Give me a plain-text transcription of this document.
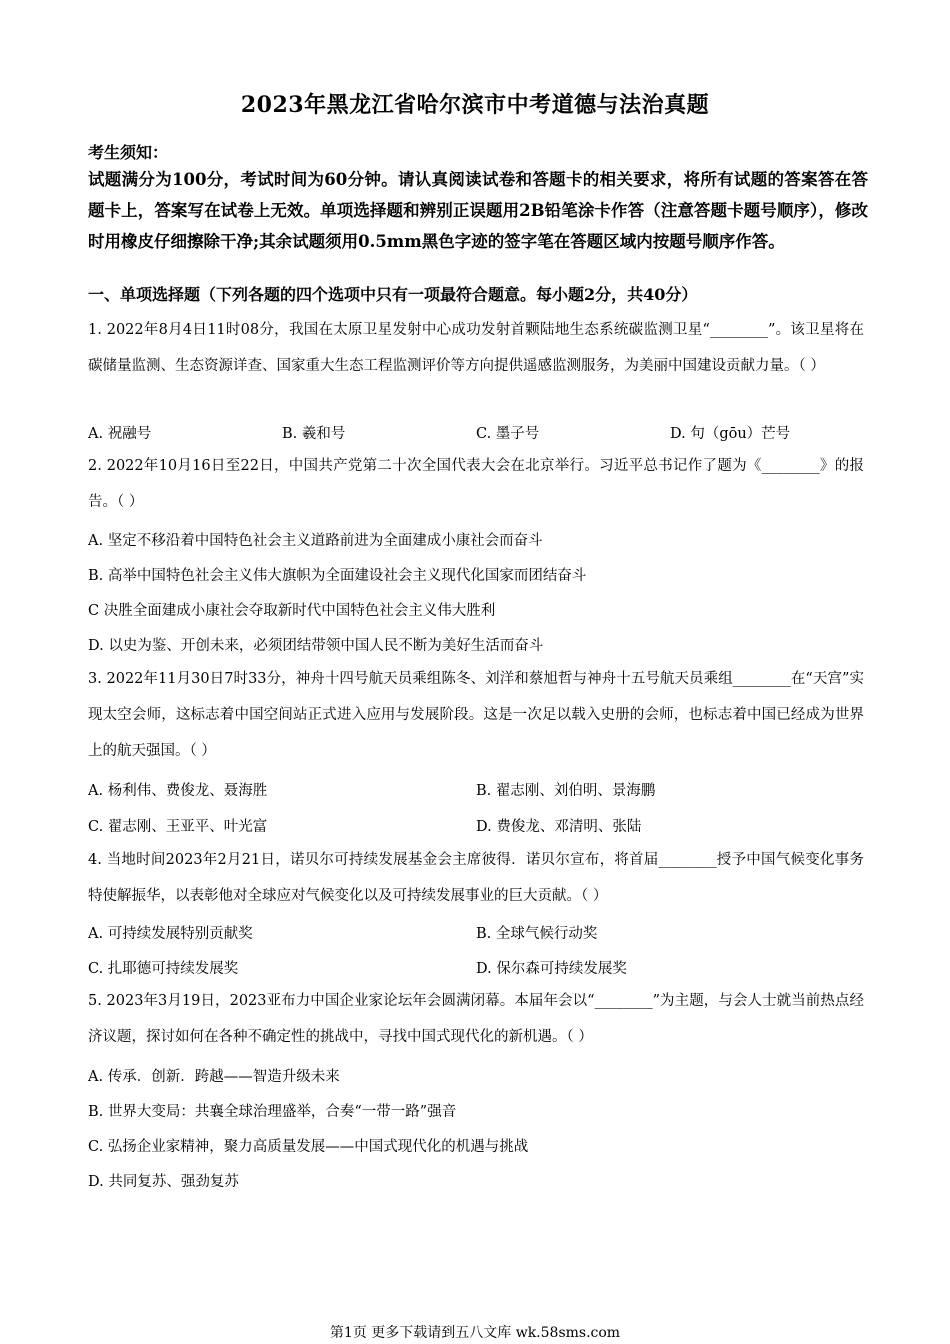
2023年黑龙江省哈尔滨市中考道德与法治真题
考生须知：
试题满分为100分，考试时间为60分钟。请认真阅读试卷和答题卡的相关要求，将所有试题的答案答在答题卡上，答案写在试卷上无效。单项选择题和辨别正误题用2B铅笔涂卡作答（注意答题卡题号顺序），修改时用橡皮仔细擦除干净;其余试题须用0.5mm黑色字迹的签字笔在答题区域内按题号顺序作答。
一、单项选择题（下列各题的四个选项中只有一项最符合题意。每小题2分，共40分）
1. 2022年8月4日11时08分，我国在太原卫星发射中心成功发射首颗陆地生态系统碳监测卫星“________”。该卫星将在碳储量监测、生态资源详查、国家重大生态工程监测评价等方向提供遥感监测服务，为美丽中国建设贡献力量。（ ）
A. 祝融号	B. 羲和号	C. 墨子号	D. 句（gōu）芒号
2. 2022年10月16日至22日，中国共产党第二十次全国代表大会在北京举行。习近平总书记作了题为《________》的报告。（ ）
A. 坚定不移沿着中国特色社会主义道路前进为全面建成小康社会而奋斗
B. 高举中国特色社会主义伟大旗帜为全面建设社会主义现代化国家而团结奋斗
C 决胜全面建成小康社会夺取新时代中国特色社会主义伟大胜利
D. 以史为鉴、开创未来，必须团结带领中国人民不断为美好生活而奋斗
3. 2022年11月30日7时33分，神舟十四号航天员乘组陈冬、刘洋和蔡旭哲与神舟十五号航天员乘组________在“天宫”实现太空会师，这标志着中国空间站正式进入应用与发展阶段。这是一次足以载入史册的会师，也标志着中国已经成为世界上的航天强国。（ ）
A. 杨利伟、费俊龙、聂海胜	B. 翟志刚、刘伯明、景海鹏
C. 翟志刚、王亚平、叶光富	D. 费俊龙、邓清明、张陆
4. 当地时间2023年2月21日，诺贝尔可持续发展基金会主席彼得．诺贝尔宣布，将首届________授予中国气候变化事务特使解振华，以表彰他对全球应对气候变化以及可持续发展事业的巨大贡献。（ ）
A. 可持续发展特别贡献奖	B. 全球气候行动奖
C. 扎耶德可持续发展奖	D. 保尔森可持续发展奖
5. 2023年3月19日，2023亚布力中国企业家论坛年会圆满闭幕。本届年会以“________”为主题，与会人士就当前热点经济议题，探讨如何在各种不确定性的挑战中，寻找中国式现代化的新机遇。（ ）
A. 传承．创新．跨越——智造升级未来
B. 世界大变局：共襄全球治理盛举，合奏“一带一路”强音
C. 弘扬企业家精神，聚力高质量发展——中国式现代化的机遇与挑战
D. 共同复苏、强劲复苏
第1页 更多下载请到五八文库 wk.58sms.com
